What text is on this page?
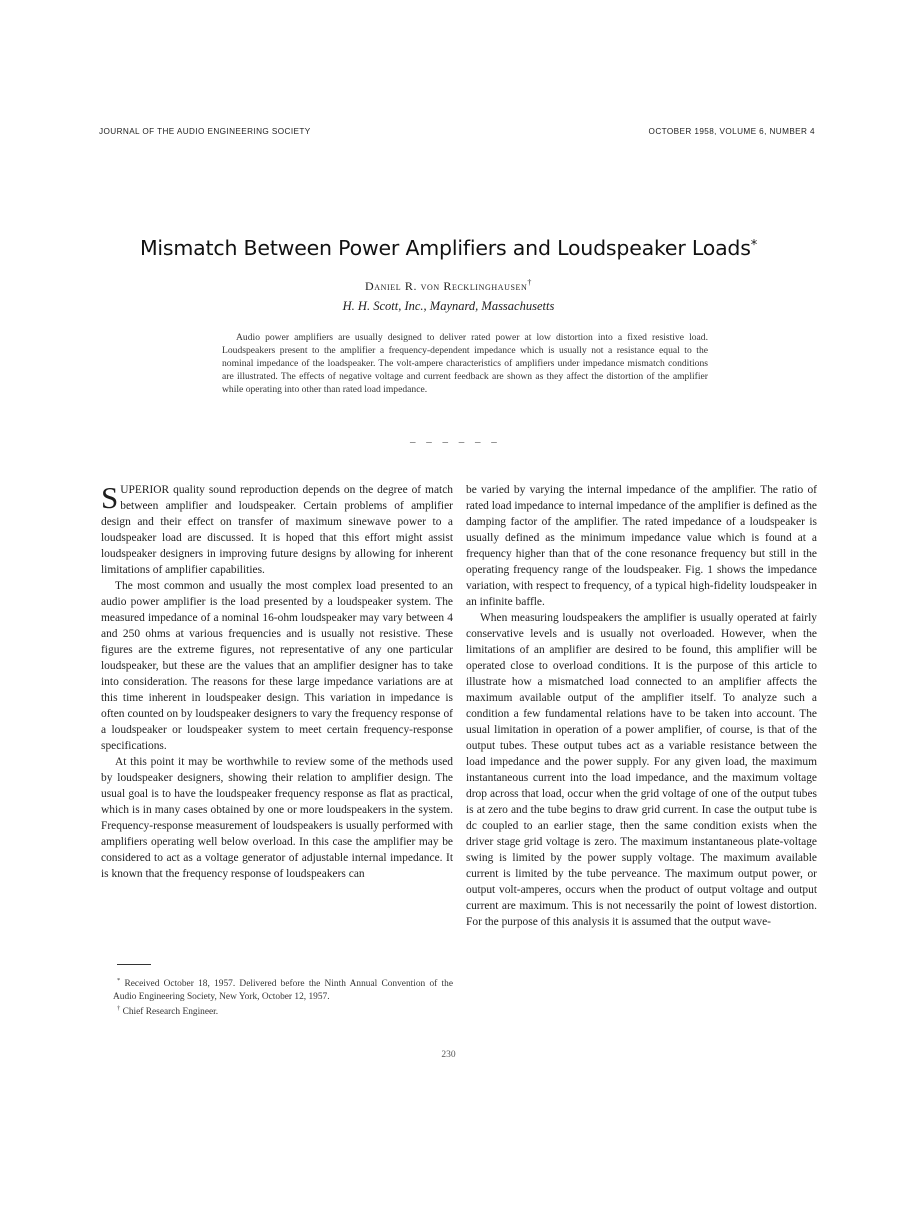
JOURNAL OF THE AUDIO ENGINEERING SOCIETY	OCTOBER 1958, VOLUME 6, NUMBER 4
Mismatch Between Power Amplifiers and Loudspeaker Loads*
Daniel R. von Recklinghausen†
H. H. Scott, Inc., Maynard, Massachusetts

Audio power amplifiers are usually designed to deliver rated power at low distortion into a fixed resistive load. Loudspeakers present to the amplifier a frequency-dependent impedance which is usually not a resistance equal to the nominal impedance of the loadspeaker. The volt-ampere characteristics of amplifiers under impedance mismatch conditions are illustrated. The effects of negative voltage and current feedback are shown as they affect the distortion of the amplifier while operating into other than rated load impedance.

– – – – – –

SUPERIOR quality sound reproduction depends on the degree of match between amplifier and loudspeaker. Certain problems of amplifier design and their effect on transfer of maximum sinewave power to a loudspeaker load are discussed. It is hoped that this effort might assist loudspeaker designers in improving future designs by allowing for inherent limitations of amplifier capabilities.

The most common and usually the most complex load presented to an audio power amplifier is the load presented by a loudspeaker system. The measured impedance of a nominal 16-ohm loudspeaker may vary between 4 and 250 ohms at various frequencies and is usually not resistive. These figures are the extreme figures, not representative of any one particular loudspeaker, but these are the values that an amplifier designer has to take into consideration. The reasons for these large impedance variations are at this time inherent in loudspeaker design. This variation in impedance is often counted on by loudspeaker designers to vary the frequency response of a loudspeaker or loudspeaker system to meet certain frequency-response specifications.

At this point it may be worthwhile to review some of the methods used by loudspeaker designers, showing their relation to amplifier design. The usual goal is to have the loudspeaker frequency response as flat as practical, which is in many cases obtained by one or more loudspeakers in the system. Frequency-response measurement of loudspeakers is usually performed with amplifiers operating well below overload. In this case the amplifier may be considered to act as a voltage generator of adjustable internal impedance. It is known that the frequency response of loudspeakers can

be varied by varying the internal impedance of the amplifier. The ratio of rated load impedance to internal impedance of the amplifier is defined as the damping factor of the amplifier. The rated impedance of a loudspeaker is usually defined as the minimum impedance value which is found at a frequency higher than that of the cone resonance frequency but still in the operating frequency range of the loudspeaker. Fig. 1 shows the impedance variation, with respect to frequency, of a typical high-fidelity loudspeaker in an infinite baffle.

When measuring loudspeakers the amplifier is usually operated at fairly conservative levels and is usually not overloaded. However, when the limitations of an amplifier are desired to be found, this amplifier will be operated close to overload conditions. It is the purpose of this article to illustrate how a mismatched load connected to an amplifier affects the maximum available output of the amplifier itself. To analyze such a condition a few fundamental relations have to be taken into account. The usual limitation in operation of a power amplifier, of course, is that of the output tubes. These output tubes act as a variable resistance between the load impedance and the power supply. For any given load, the maximum instantaneous current into the load impedance, and the maximum voltage drop across that load, occur when the grid voltage of one of the output tubes is at zero and the tube begins to draw grid current. In case the output tube is dc coupled to an earlier stage, then the same condition exists when the driver stage grid voltage is zero. The maximum instantaneous plate-voltage swing is limited by the power supply voltage. The maximum available current is limited by the tube perveance. The maximum output power, or output volt-amperes, occurs when the product of output voltage and output current are maximum. This is not necessarily the point of lowest distortion. For the purpose of this analysis it is assumed that the output wave-

* Received October 18, 1957. Delivered before the Ninth Annual Convention of the Audio Engineering Society, New York, October 12, 1957.

† Chief Research Engineer.

230
